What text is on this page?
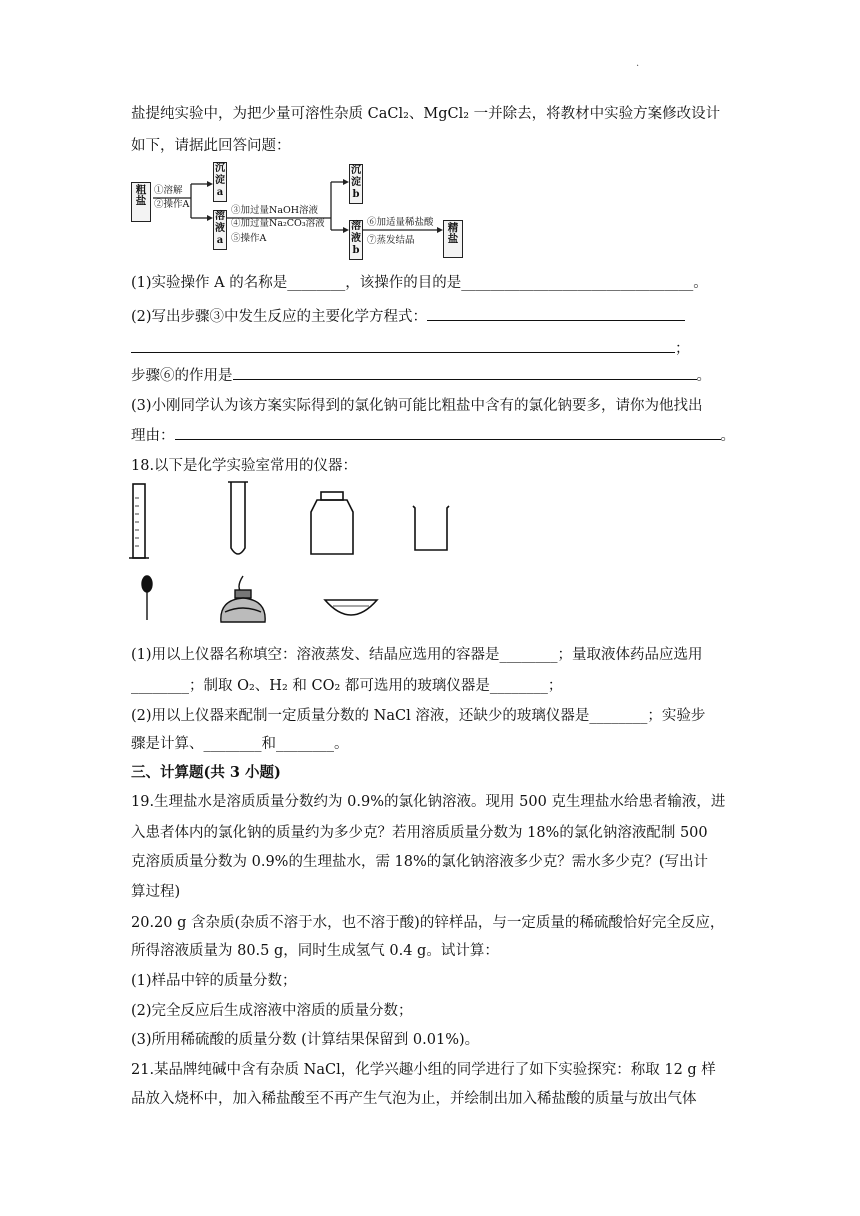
.
盐提纯实验中，为把少量可溶性杂质 CaCl₂、MgCl₂ 一并除去，将教材中实验方案修改设计
如下，请据此回答问题：
粗盐
①溶解
②操作A
沉淀a
溶液a
③加过量NaOH溶液
④加过量Na₂CO₃溶液
⑤操作A
沉淀b
溶液b
⑥加适量稀盐酸
⑦蒸发结晶
精盐
(1)实验操作 A 的名称是________，该操作的目的是________________________________。
(2)写出步骤③中发生反应的主要化学方程式：
；
步骤⑥的作用是	。
(3)小刚同学认为该方案实际得到的氯化钠可能比粗盐中含有的氯化钠要多，请你为他找出
理由：	。
18.以下是化学实验室常用的仪器：
(1)用以上仪器名称填空：溶液蒸发、结晶应选用的容器是________；量取液体药品应选用
________；制取 O₂、H₂ 和 CO₂ 都可选用的玻璃仪器是________；
(2)用以上仪器来配制一定质量分数的 NaCl 溶液，还缺少的玻璃仪器是________；实验步
骤是计算、________和________。
三、计算题(共 3 小题)
19.生理盐水是溶质质量分数约为 0.9%的氯化钠溶液。现用 500 克生理盐水给患者输液，进
入患者体内的氯化钠的质量约为多少克？若用溶质质量分数为 18%的氯化钠溶液配制 500
克溶质质量分数为 0.9%的生理盐水，需 18%的氯化钠溶液多少克？需水多少克？(写出计
算过程)
20.20 g 含杂质(杂质不溶于水，也不溶于酸)的锌样品，与一定质量的稀硫酸恰好完全反应，
所得溶液质量为 80.5 g，同时生成氢气 0.4 g。试计算：
(1)样品中锌的质量分数；
(2)完全反应后生成溶液中溶质的质量分数；
(3)所用稀硫酸的质量分数 (计算结果保留到 0.01%)。
21.某品牌纯碱中含有杂质 NaCl，化学兴趣小组的同学进行了如下实验探究：称取 12 g 样
品放入烧杯中，加入稀盐酸至不再产生气泡为止，并绘制出加入稀盐酸的质量与放出气体
